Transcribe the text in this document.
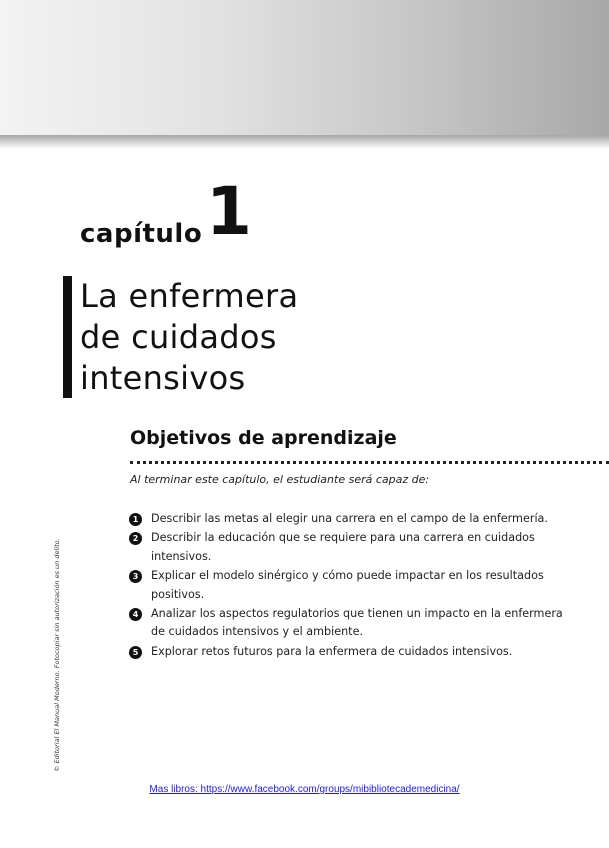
capítulo 1
La enfermera
de cuidados
intensivos
Objetivos de aprendizaje
Al terminar este capítulo, el estudiante será capaz de:
1	Describir las metas al elegir una carrera en el campo de la enfermería.
2	Describir la educación que se requiere para una carrera en cuidados intensivos.
3	Explicar el modelo sinérgico y cómo puede impactar en los resultados positivos.
4	Analizar los aspectos regulatorios que tienen un impacto en la enfermera de cuidados intensivos y el ambiente.
5	Explorar retos futuros para la enfermera de cuidados intensivos.
© Editorial El Manual Moderno. Fotocopiar sin autorización es un delito.
Mas libros: https://www.facebook.com/groups/mibibliotecademedicina/
